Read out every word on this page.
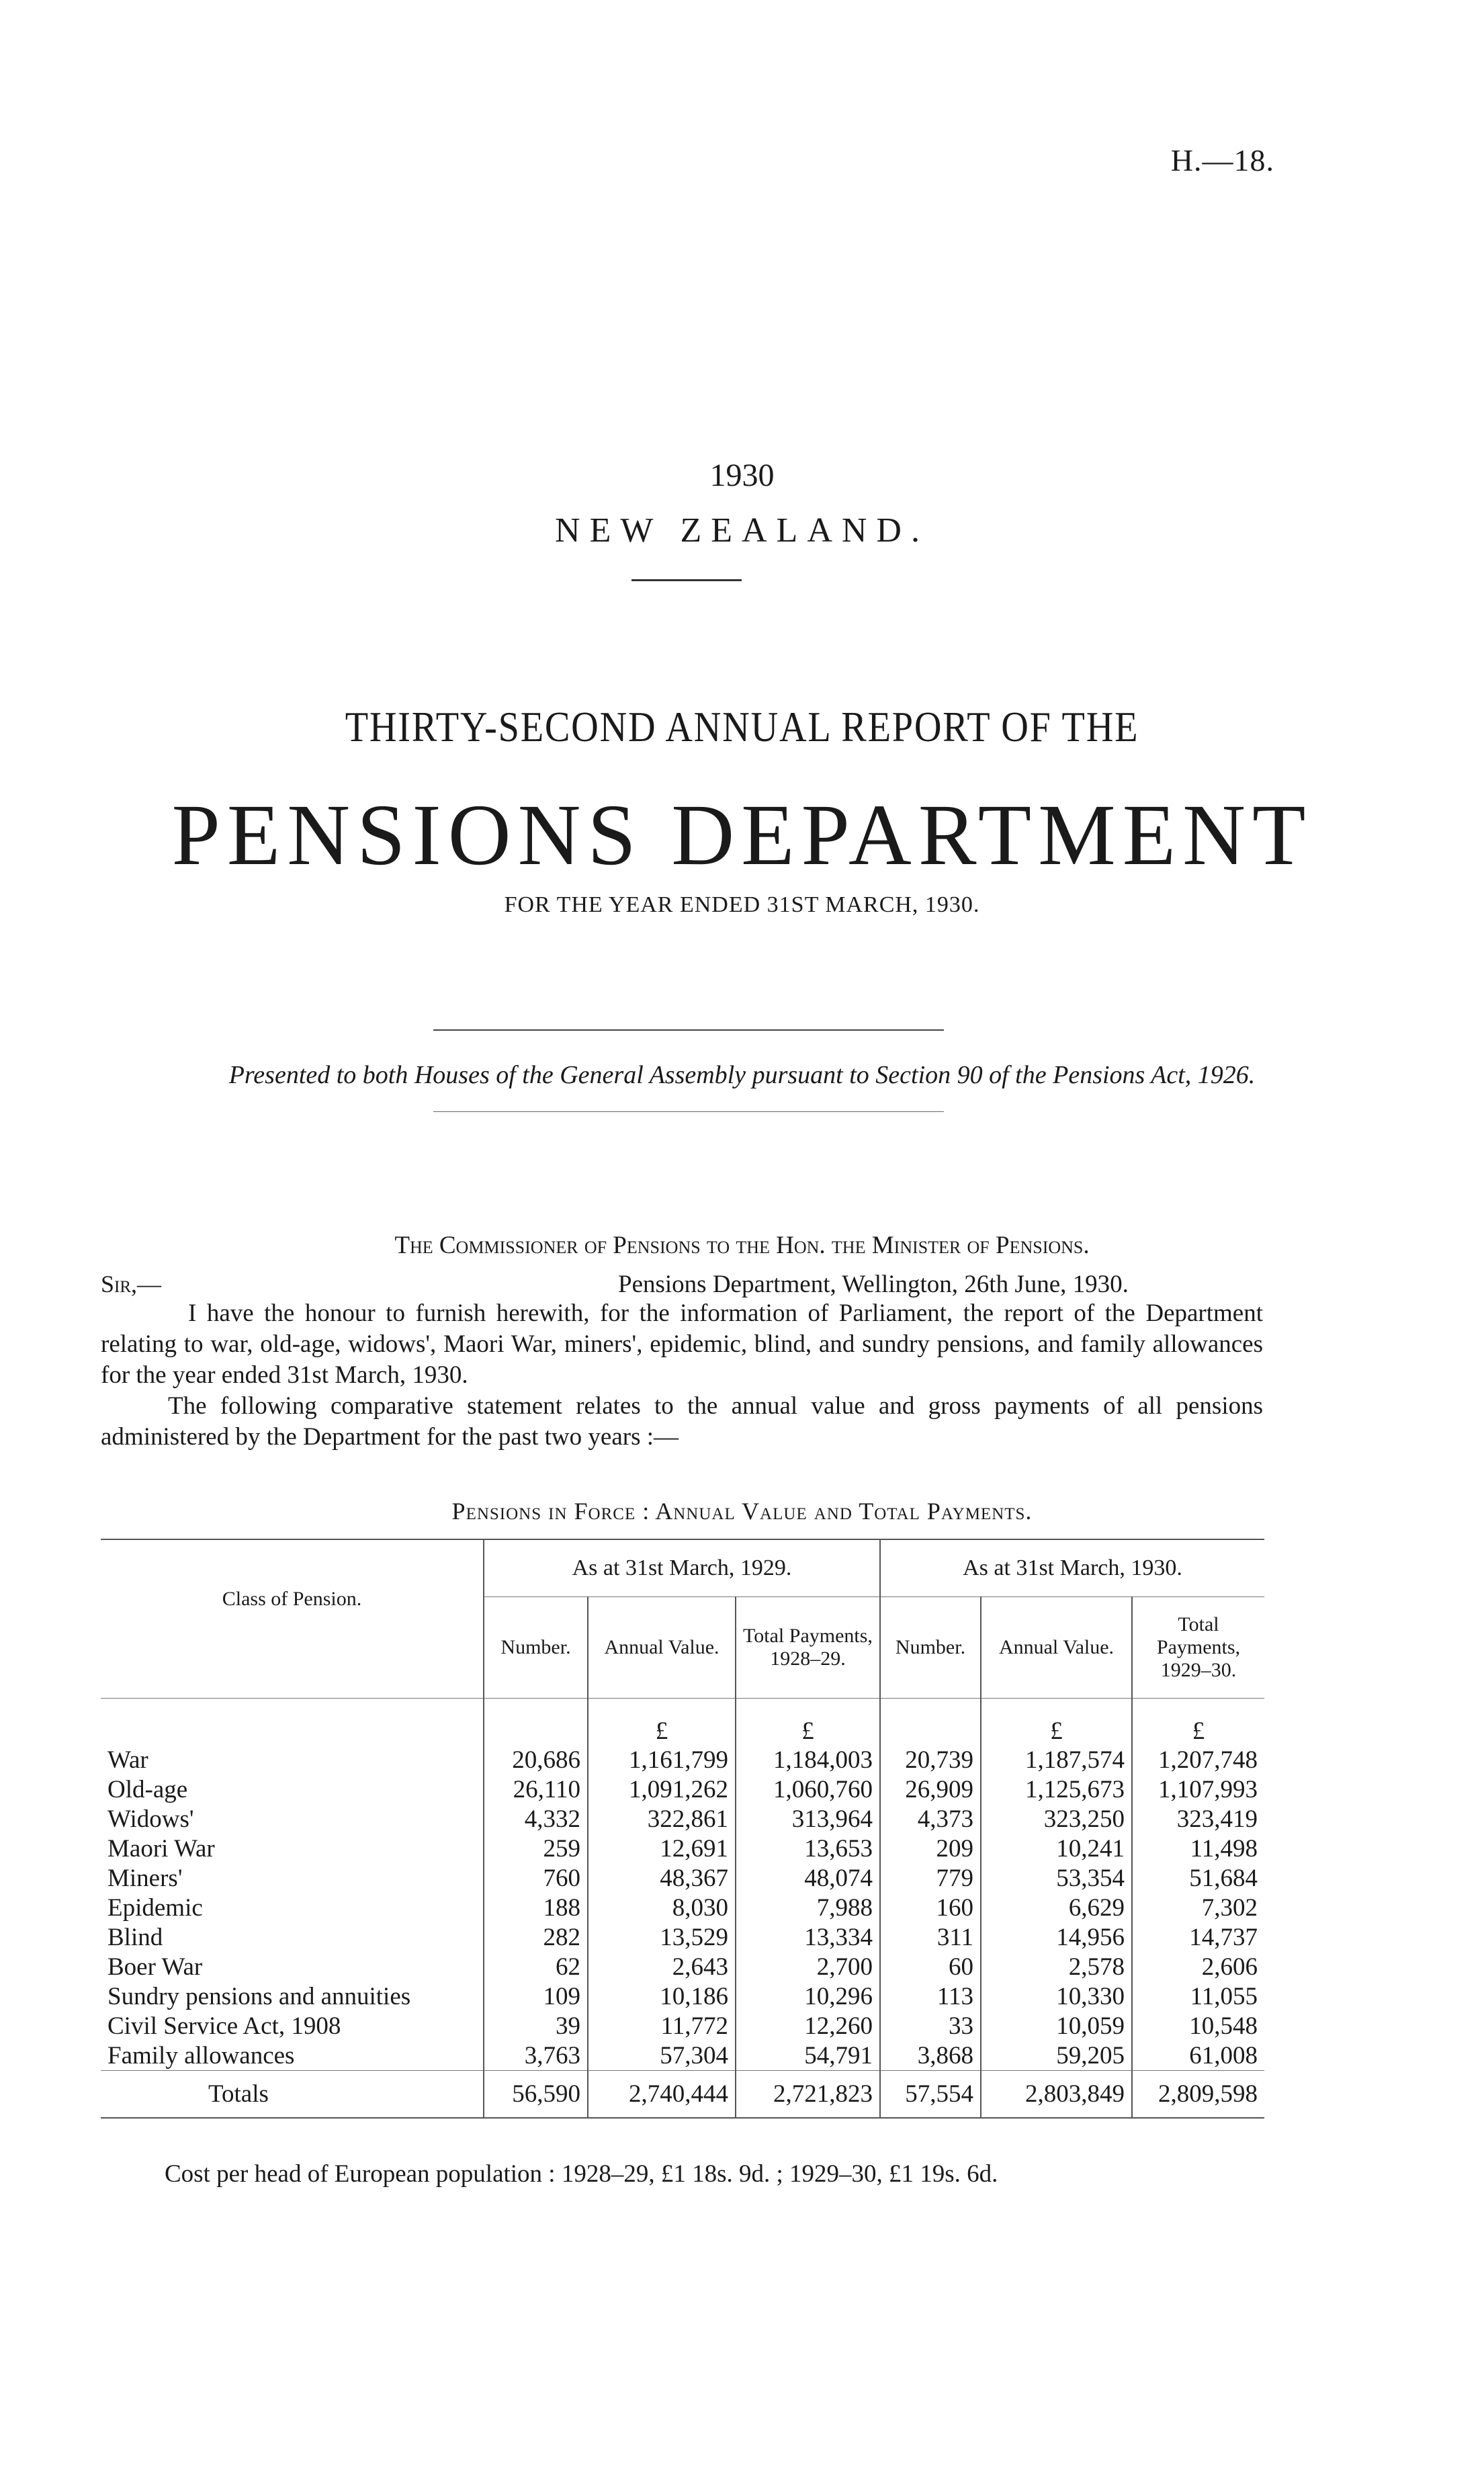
H.—18.
1930
NEW ZEALAND.
THIRTY-SECOND ANNUAL REPORT OF THE
PENSIONS DEPARTMENT
FOR THE YEAR ENDED 31ST MARCH, 1930.
Presented to both Houses of the General Assembly pursuant to Section 90 of the Pensions Act, 1926.
The Commissioner of Pensions to the Hon. the Minister of Pensions.
Sir,—	Pensions Department, Wellington, 26th June, 1930.
I have the honour to furnish herewith, for the information of Parliament, the report of the Department relating to war, old-age, widows', Maori War, miners', epidemic, blind, and sundry pensions, and family allowances for the year ended 31st March, 1930.
The following comparative statement relates to the annual value and gross payments of all pensions administered by the Department for the past two years :—
Pensions in Force : Annual Value and Total Payments.
Class of Pension.	As at 31st March, 1929.			As at 31st March, 1930.		
	Number.	Annual Value.	Total Payments, 1928–29.	Number.	Annual Value.	Total Payments, 1929–30.
		£	£		£	£
War	20,686	1,161,799	1,184,003	20,739	1,187,574	1,207,748
Old-age	26,110	1,091,262	1,060,760	26,909	1,125,673	1,107,993
Widows'	4,332	322,861	313,964	4,373	323,250	323,419
Maori War	259	12,691	13,653	209	10,241	11,498
Miners'	760	48,367	48,074	779	53,354	51,684
Epidemic	188	8,030	7,988	160	6,629	7,302
Blind	282	13,529	13,334	311	14,956	14,737
Boer War	62	2,643	2,700	60	2,578	2,606
Sundry pensions and annuities	109	10,186	10,296	113	10,330	11,055
Civil Service Act, 1908	39	11,772	12,260	33	10,059	10,548
Family allowances	3,763	57,304	54,791	3,868	59,205	61,008
Totals	56,590	2,740,444	2,721,823	57,554	2,803,849	2,809,598
Cost per head of European population : 1928–29, £1 18s. 9d. ; 1929–30, £1 19s. 6d.
